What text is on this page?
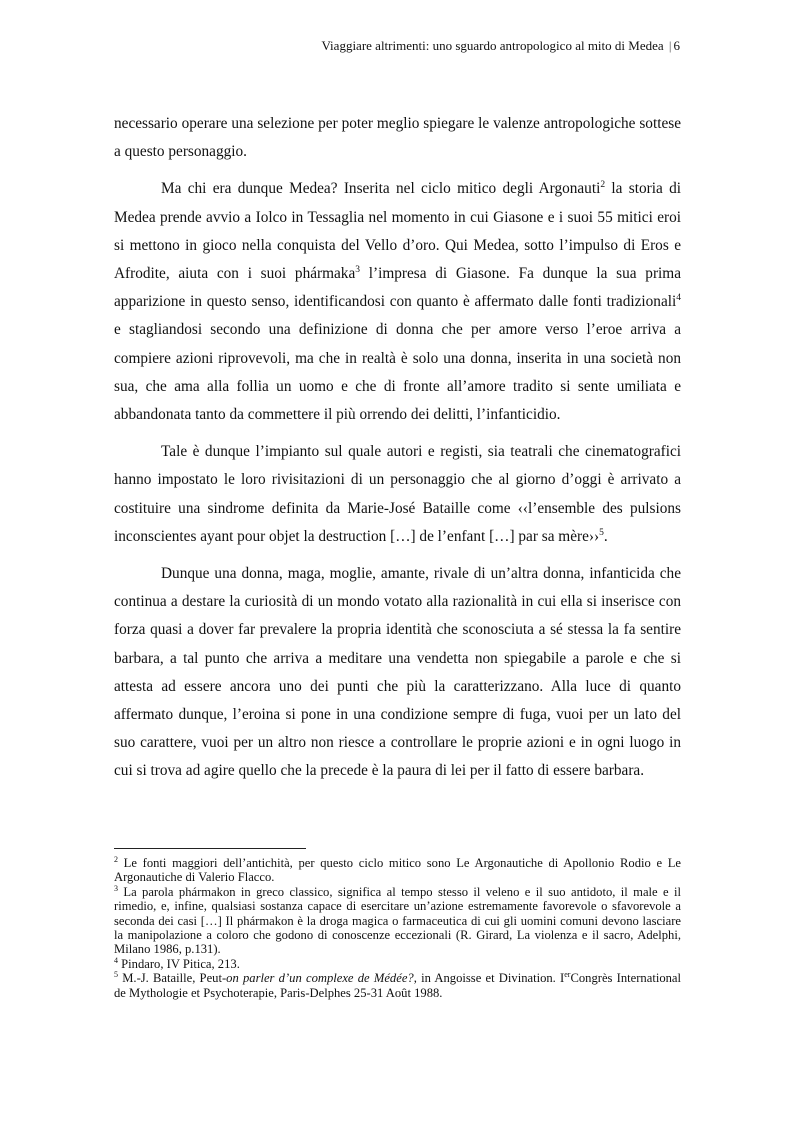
Viaggiare altrimenti: uno sguardo antropologico al mito di Medea | 6

necessario operare una selezione per poter meglio spiegare le valenze antropologiche sottese a questo personaggio.

Ma chi era dunque Medea? Inserita nel ciclo mitico degli Argonauti$^2$ la storia di Medea prende avvio a Iolco in Tessaglia nel momento in cui Giasone e i suoi 55 mitici eroi si mettono in gioco nella conquista del Vello d’oro. Qui Medea, sotto l’impulso di Eros e Afrodite, aiuta con i suoi phármaka$^3$ l’impresa di Giasone. Fa dunque la sua prima apparizione in questo senso, identificandosi con quanto è affermato dalle fonti tradizionali$^4$ e stagliandosi secondo una definizione di donna che per amore verso l’eroe arriva a compiere azioni riprovevoli, ma che in realtà è solo una donna, inserita in una società non sua, che ama alla follia un uomo e che di fronte all’amore tradito si sente umiliata e abbandonata tanto da commettere il più orrendo dei delitti, l’infanticidio.

Tale è dunque l’impianto sul quale autori e registi, sia teatrali che cinematografici hanno impostato le loro rivisitazioni di un personaggio che al giorno d’oggi è arrivato a costituire una sindrome definita da Marie-José Bataille come ‹‹l’ensemble des pulsions inconscientes ayant pour objet la destruction […] de l’enfant […] par sa mère››$^5$.

Dunque una donna, maga, moglie, amante, rivale di un’altra donna, infanticida che continua a destare la curiosità di un mondo votato alla razionalità in cui ella si inserisce con forza quasi a dover far prevalere la propria identità che sconosciuta a sé stessa la fa sentire barbara, a tal punto che arriva a meditare una vendetta non spiegabile a parole e che si attesta ad essere ancora uno dei punti che più la caratterizzano. Alla luce di quanto affermato dunque, l’eroina si pone in una condizione sempre di fuga, vuoi per un lato del suo carattere, vuoi per un altro non riesce a controllare le proprie azioni e in ogni luogo in cui si trova ad agire quello che la precede è la paura di lei per il fatto di essere barbara.

$^2$ Le fonti maggiori dell’antichità, per questo ciclo mitico sono Le Argonautiche di Apollonio Rodio e Le Argonautiche di Valerio Flacco.

$^3$ La parola phármakon in greco classico, significa al tempo stesso il veleno e il suo antidoto, il male e il rimedio, e, infine, qualsiasi sostanza capace di esercitare un’azione estremamente favorevole o sfavorevole a seconda dei casi […] Il phármakon è la droga magica o farmaceutica di cui gli uomini comuni devono lasciare la manipolazione a coloro che godono di conoscenze eccezionali (R. Girard, La violenza e il sacro, Adelphi, Milano 1986, p.131).

$^4$ Pindaro, IV Pitica, 213.

$^5$ M.-J. Bataille, Peut-on parler d’un complexe de Médée?, in Angoisse et Divination. IerCongrès International de Mythologie et Psychoterapie, Paris-Delphes 25-31 Août 1988.
